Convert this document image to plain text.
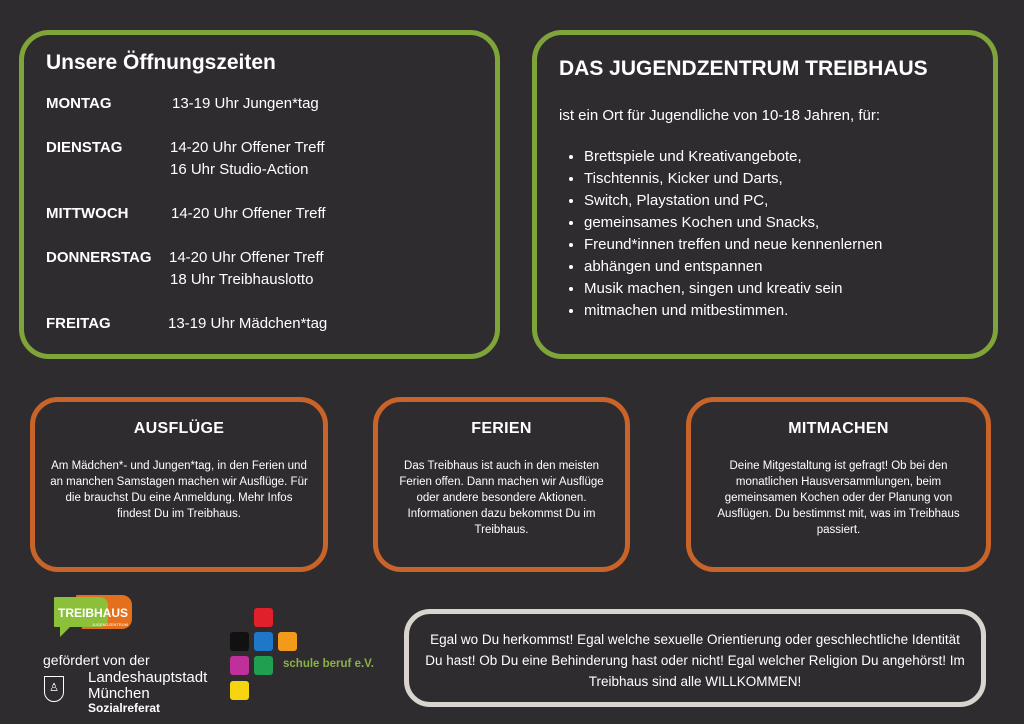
Unsere Öffnungszeiten
MONTAG	13-19 Uhr Jungen*tag
DIENSTAG	14-20 Uhr Offener Treff
16 Uhr Studio-Action
MITTWOCH	14-20 Uhr Offener Treff
DONNERSTAG 14-20 Uhr Offener Treff
18 Uhr Treibhauslotto
FREITAG	13-19 Uhr Mädchen*tag
DAS JUGENDZENTRUM TREIBHAUS

ist ein Ort für Jugendliche von 10-18 Jahren, für:

• Brettspiele und Kreativangebote,
• Tischtennis, Kicker und Darts,
• Switch, Playstation und PC,
• gemeinsames Kochen und Snacks,
• Freund*innen treffen und neue kennenlernen
• abhängen und entspannen
• Musik machen, singen und kreativ sein
• mitmachen und mitbestimmen.
AUSFLÜGE

Am Mädchen*- und Jungen*tag, in den Ferien und an manchen Samstagen machen wir Ausflüge. Für die brauchst Du eine Anmeldung. Mehr Infos findest Du im Treibhaus.

FERIEN

Das Treibhaus ist auch in den meisten Ferien offen. Dann machen wir Ausflüge oder andere besondere Aktionen. Informationen dazu bekommst Du im Treibhaus.

MITMACHEN

Deine Mitgestaltung ist gefragt! Ob bei den monatlichen Hausversammlungen, beim gemeinsamen Kochen oder der Planung von Ausflügen. Du bestimmst mit, was im Treibhaus passiert.

Egal wo Du herkommst! Egal welche sexuelle Orientierung oder geschlechtliche Identität Du hast! Ob Du eine Behinderung hast oder nicht! Egal welcher Religion Du angehörst! Im Treibhaus sind alle WILLKOMMEN!
TREIBHAUS
JUGENDZENTRUM
gefördert von der
♙
Landeshauptstadt
München
Sozialreferat
schule beruf e.V.
